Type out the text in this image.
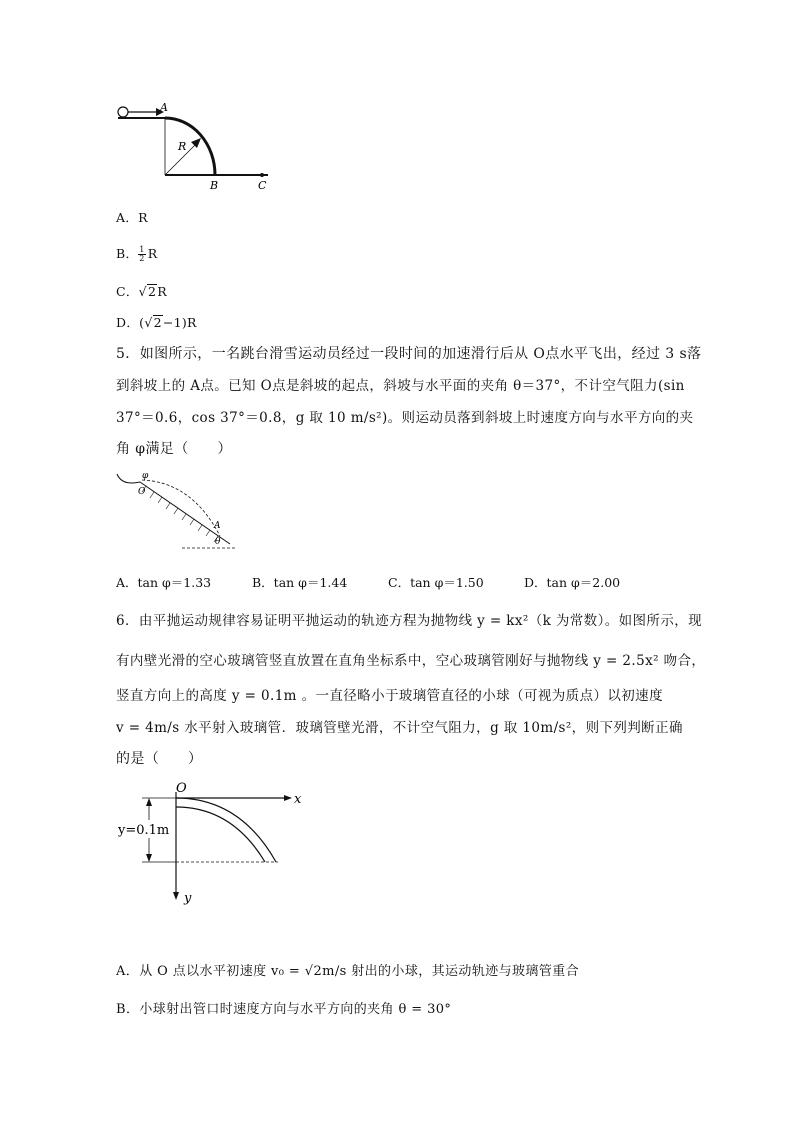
A
R
B	C
A．R
B． $\frac{1}{2}$ R
C．√2R
D．(√2−1)R
5．如图所示，一名跳台滑雪运动员经过一段时间的加速滑行后从 O点水平飞出，经过 3 s落
到斜坡上的 A点。已知 O点是斜坡的起点，斜坡与水平面的夹角 θ＝37°，不计空气阻力(sin
37°＝0.6，cos 37°＝0.8，g 取 10 m/s²)。则运动员落到斜坡上时速度方向与水平方向的夹
角 φ满足（　　）
φ
O
A
θ
A．tan φ＝1.33	B．tan φ＝1.44	C．tan φ＝1.50	D．tan φ＝2.00
6．由平抛运动规律容易证明平抛运动的轨迹方程为抛物线 y = kx²（k 为常数）。如图所示，现
有内壁光滑的空心玻璃管竖直放置在直角坐标系中，空心玻璃管刚好与抛物线 y = 2.5x² 吻合，
竖直方向上的高度 y = 0.1m 。一直径略小于玻璃管直径的小球（可视为质点）以初速度
v = 4m/s 水平射入玻璃管．玻璃管壁光滑，不计空气阻力，g 取 10m/s²，则下列判断正确
的是（　　）
y=0.1m
O
x
y
A．从 O 点以水平初速度 v₀ = √2m/s 射出的小球，其运动轨迹与玻璃管重合
B．小球射出管口时速度方向与水平方向的夹角 θ = 30°
